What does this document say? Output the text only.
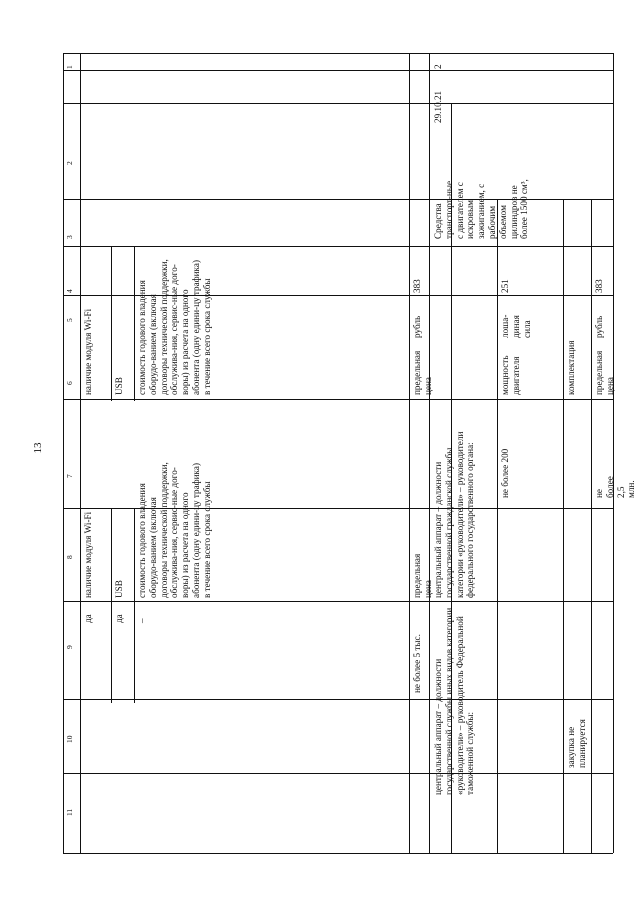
13
1
2
3
4
5
6
7
8
9
10
11
наличие модуля Wi-Fi USB стоимость годового владения оборудо-ванием (включая договоры технической поддержки, обслужива-ния, сервис-ные дого-воры) из расчета на одного абонента (одну едини-цу трафика) в течение всего срока службы
наличие модуля Wi-Fi USB стоимость годового владения оборудо-ванием (включая договоры технической поддержки, обслужива-ния, сервис-ные дого-воры) из расчета на одного абонента (одну едини-цу трафика) в течение всего срока службы
да да –
383
рубль
предельная цена
предельная цена
не более 5 тыс.
2
29.10.21
Средства транспорт-ные с двигателем с искровым зажиганием, с рабочим объемом цилиндров не более 1500 см³,
центральный аппарат – должности государственной гражданской службы категории «руководители» – руководители федерального государственного органа:
центральный аппарат – должности государственной службы иных видов категории «руководители» – руководитель Федеральной таможенной службы:
251
лоша-диная сила
мощность двигателя
не более 200
комплектация
383
рубль
предельная цена
не более 2,5 млн.
закупка не планируется
